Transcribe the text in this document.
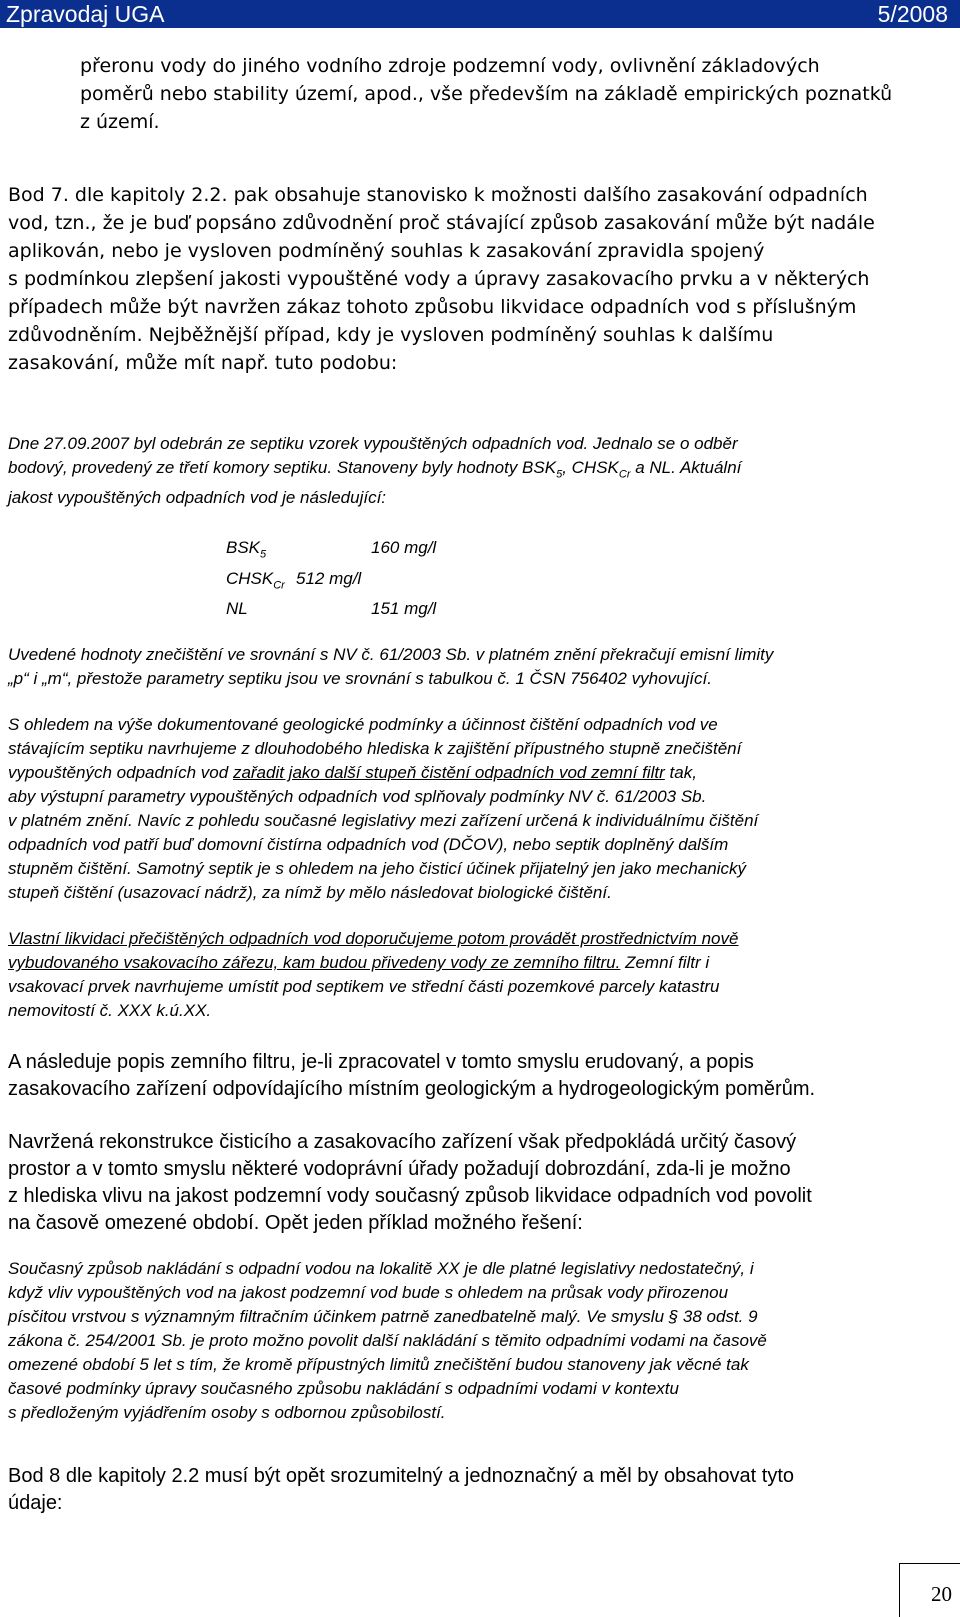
Zpravodaj UGA	5/2008

přeronu vody do jiného vodního zdroje podzemní vody, ovlivnění základových

poměrů nebo stability území, apod., vše především na základě empirických poznatků

z území.

Bod 7. dle kapitoly 2.2. pak obsahuje stanovisko k možnosti dalšího zasakování odpadních

vod, tzn., že je buď popsáno zdůvodnění proč stávající způsob zasakování může být nadále

aplikován, nebo je vysloven podmíněný souhlas k zasakování zpravidla spojený

s podmínkou zlepšení jakosti vypouštěné vody a úpravy zasakovacího prvku a v některých

případech může být navržen zákaz tohoto způsobu likvidace odpadních vod s příslušným

zdůvodněním. Nejběžnější případ, kdy je vysloven podmíněný souhlas k dalšímu

zasakování, může mít např. tuto podobu:

Dne 27.09.2007 byl odebrán ze septiku vzorek vypouštěných odpadních vod. Jednalo se o odběr

bodový, provedený ze třetí komory septiku. Stanoveny byly hodnoty $BSK_5$, $CHSK_{Cr}$ a NL. Aktuální

jakost vypouštěných odpadních vod je následující:

$BSK_5$	160 mg/l
$CHSK_{Cr}$ 512 mg/l
NL	151 mg/l

Uvedené hodnoty znečištění ve srovnání s NV č. 61/2003 Sb. v platném znění překračují emisní limity

„p“ i „m“, přestože parametry septiku jsou ve srovnání s tabulkou č. 1 ČSN 756402 vyhovující.

S ohledem na výše dokumentované geologické podmínky a účinnost čištění odpadních vod ve

stávajícím septiku navrhujeme z dlouhodobého hlediska k zajištění přípustného stupně znečištění

vypouštěných odpadních vod zařadit jako další stupeň čistění odpadních vod zemní filtr tak,

aby výstupní parametry vypouštěných odpadních vod splňovaly podmínky NV č. 61/2003 Sb.

v platném znění. Navíc z pohledu současné legislativy mezi zařízení určená k individuálnímu čištění

odpadních vod patří buď domovní čistírna odpadních vod (DČOV), nebo septik doplněný dalším

stupněm čištění. Samotný septik je s ohledem na jeho čisticí účinek přijatelný jen jako mechanický

stupeň čištění (usazovací nádrž), za nímž by mělo následovat biologické čištění.

Vlastní likvidaci přečištěných odpadních vod doporučujeme potom provádět prostřednictvím nově

vybudovaného vsakovacího zářezu, kam budou přivedeny vody ze zemního filtru. Zemní filtr i

vsakovací prvek navrhujeme umístit pod septikem ve střední části pozemkové parcely katastru

nemovitostí č. XXX k.ú.XX.

A následuje popis zemního filtru, je-li zpracovatel v tomto smyslu erudovaný, a popis

zasakovacího zařízení odpovídajícího místním geologickým a hydrogeologickým poměrům.

Navržená rekonstrukce čisticího a zasakovacího zařízení však předpokládá určitý časový

prostor a v tomto smyslu některé vodoprávní úřady požadují dobrozdání, zda-li je možno

z hlediska vlivu na jakost podzemní vody současný způsob likvidace odpadních vod povolit

na časově omezené období. Opět jeden příklad možného řešení:

Současný způsob nakládání s odpadní vodou na lokalitě XX je dle platné legislativy nedostatečný, i

když vliv vypouštěných vod na jakost podzemní vod bude s ohledem na průsak vody přirozenou

písčitou vrstvou s významným filtračním účinkem patrně zanedbatelně malý. Ve smyslu § 38 odst. 9

zákona č. 254/2001 Sb. je proto možno povolit další nakládání s těmito odpadními vodami na časově

omezené období 5 let s tím, že kromě přípustných limitů znečištění budou stanoveny jak věcné tak

časové podmínky úpravy současného způsobu nakládání s odpadními vodami v kontextu

s předloženým vyjádřením osoby s odbornou způsobilostí.

Bod 8 dle kapitoly 2.2 musí být opět srozumitelný a jednoznačný a měl by obsahovat tyto

údaje:

20
